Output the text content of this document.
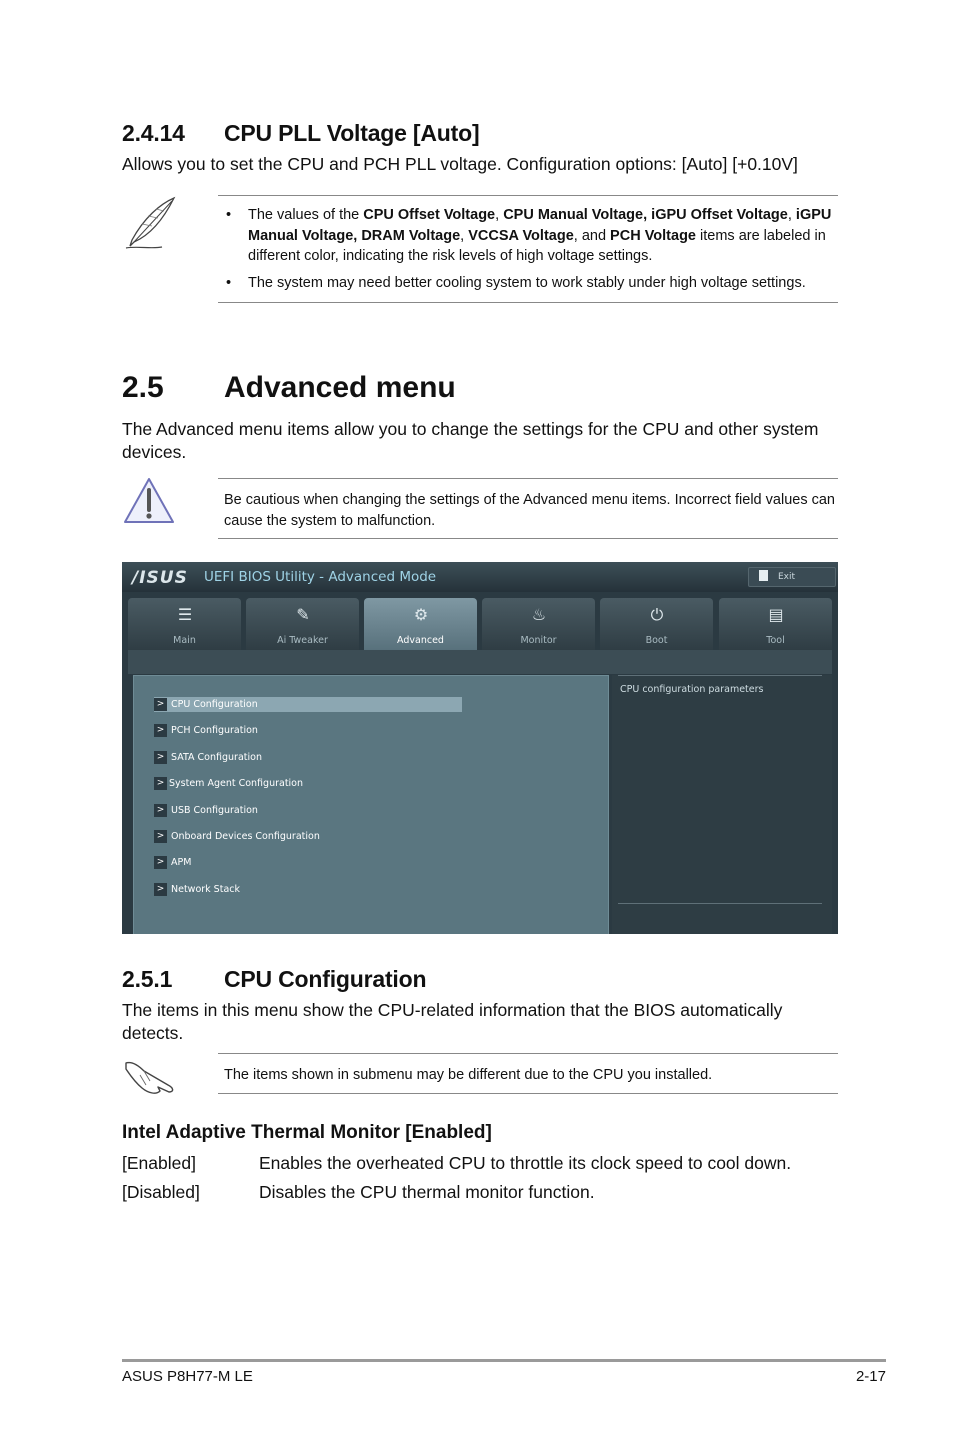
2.4.14 CPU PLL Voltage [Auto]
Allows you to set the CPU and PCH PLL voltage. Configuration options: [Auto] [+0.10V]
• The values of the CPU Offset Voltage, CPU Manual Voltage, iGPU Offset Voltage, iGPU Manual Voltage, DRAM Voltage, VCCSA Voltage, and PCH Voltage items are labeled in different color, indicating the risk levels of high voltage settings.
• The system may need better cooling system to work stably under high voltage settings.
2.5 Advanced menu
The Advanced menu items allow you to change the settings for the CPU and other system devices.
Be cautious when changing the settings of the Advanced menu items. Incorrect field values can cause the system to malfunction.
/ISUS UEFI BIOS Utility - Advanced Mode	Exit
☰
Main
✎
Ai Tweaker
⚙
Advanced
♨
Monitor
⏻
Boot
▤
Tool
> CPU Configuration
> PCH Configuration
> SATA Configuration
> System Agent Configuration
> USB Configuration
> Onboard Devices Configuration
> APM
> Network Stack
CPU configuration parameters
2.5.1 CPU Configuration
The items in this menu show the CPU-related information that the BIOS automatically detects.
The items shown in submenu may be different due to the CPU you installed.
Intel Adaptive Thermal Monitor [Enabled]
[Enabled]	Enables the overheated CPU to throttle its clock speed to cool down.
[Disabled]	Disables the CPU thermal monitor function.
ASUS P8H77-M LE	2-17
